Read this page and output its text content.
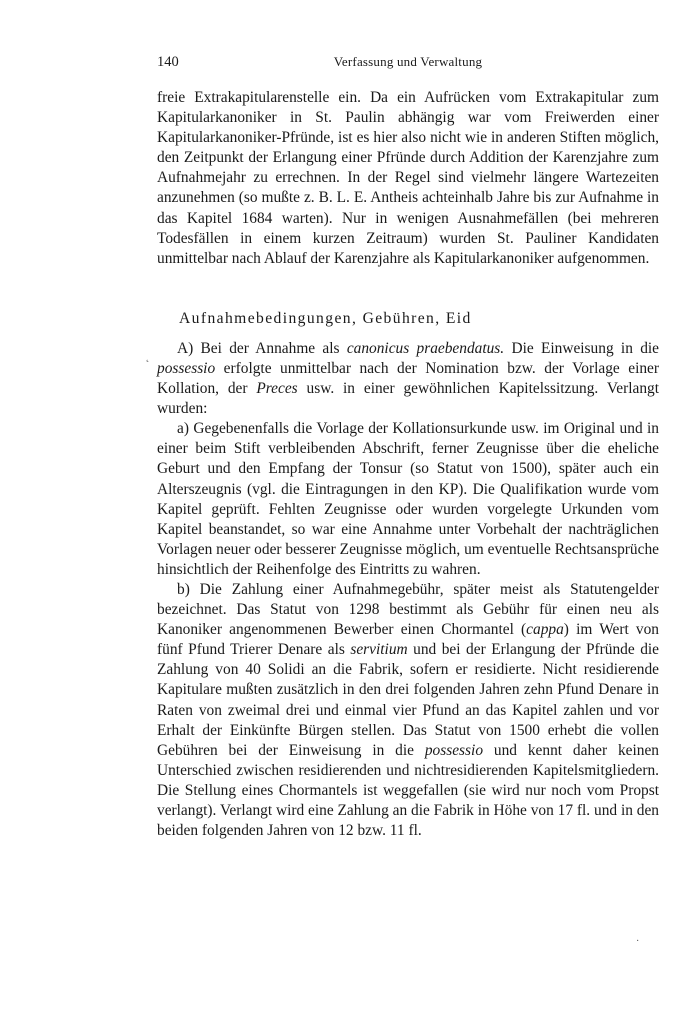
140	Verfassung und Verwaltung

freie Extrakapitularenstelle ein. Da ein Aufrücken vom Extrakapitular zum Kapitularkanoniker in St. Paulin abhängig war vom Freiwerden einer Kapitularkanoniker-Pfründe, ist es hier also nicht wie in anderen Stiften möglich, den Zeitpunkt der Erlangung einer Pfründe durch Addition der Karenzjahre zum Aufnahmejahr zu errechnen. In der Regel sind vielmehr längere Wartezeiten anzunehmen (so mußte z. B. L. E. Antheis achteinhalb Jahre bis zur Aufnahme in das Kapitel 1684 warten). Nur in wenigen Ausnahmefällen (bei mehreren Todesfällen in einem kurzen Zeitraum) wurden St. Pauliner Kandidaten unmittelbar nach Ablauf der Karenzjahre als Kapitularkanoniker aufgenommen.

Aufnahmebedingungen, Gebühren, Eid

A) Bei der Annahme als canonicus praebendatus. Die Einweisung in die possessio erfolgte unmittelbar nach der Nomination bzw. der Vorlage einer Kollation, der Preces usw. in einer gewöhnlichen Kapitelssitzung. Verlangt wurden:

a) Gegebenenfalls die Vorlage der Kollationsurkunde usw. im Original und in einer beim Stift verbleibenden Abschrift, ferner Zeugnisse über die eheliche Geburt und den Empfang der Tonsur (so Statut von 1500), später auch ein Alterszeugnis (vgl. die Eintragungen in den KP). Die Qualifikation wurde vom Kapitel geprüft. Fehlten Zeugnisse oder wurden vorgelegte Urkunden vom Kapitel beanstandet, so war eine Annahme unter Vorbehalt der nachträglichen Vorlagen neuer oder besserer Zeugnisse möglich, um eventuelle Rechtsansprüche hinsichtlich der Reihenfolge des Eintritts zu wahren.

b) Die Zahlung einer Aufnahmegebühr, später meist als Statutengelder bezeichnet. Das Statut von 1298 bestimmt als Gebühr für einen neu als Kanoniker angenommenen Bewerber einen Chormantel (cappa) im Wert von fünf Pfund Trierer Denare als servitium und bei der Erlangung der Pfründe die Zahlung von 40 Solidi an die Fabrik, sofern er residierte. Nicht residierende Kapitulare mußten zusätzlich in den drei folgenden Jahren zehn Pfund Denare in Raten von zweimal drei und einmal vier Pfund an das Kapitel zahlen und vor Erhalt der Einkünfte Bürgen stellen. Das Statut von 1500 erhebt die vollen Gebühren bei der Einweisung in die possessio und kennt daher keinen Unterschied zwischen residierenden und nichtresidierenden Kapitelsmitgliedern. Die Stellung eines Chormantels ist weggefallen (sie wird nur noch vom Propst verlangt). Verlangt wird eine Zahlung an die Fabrik in Höhe von 17 fl. und in den beiden folgenden Jahren von 12 bzw. 11 fl.

˛
·
